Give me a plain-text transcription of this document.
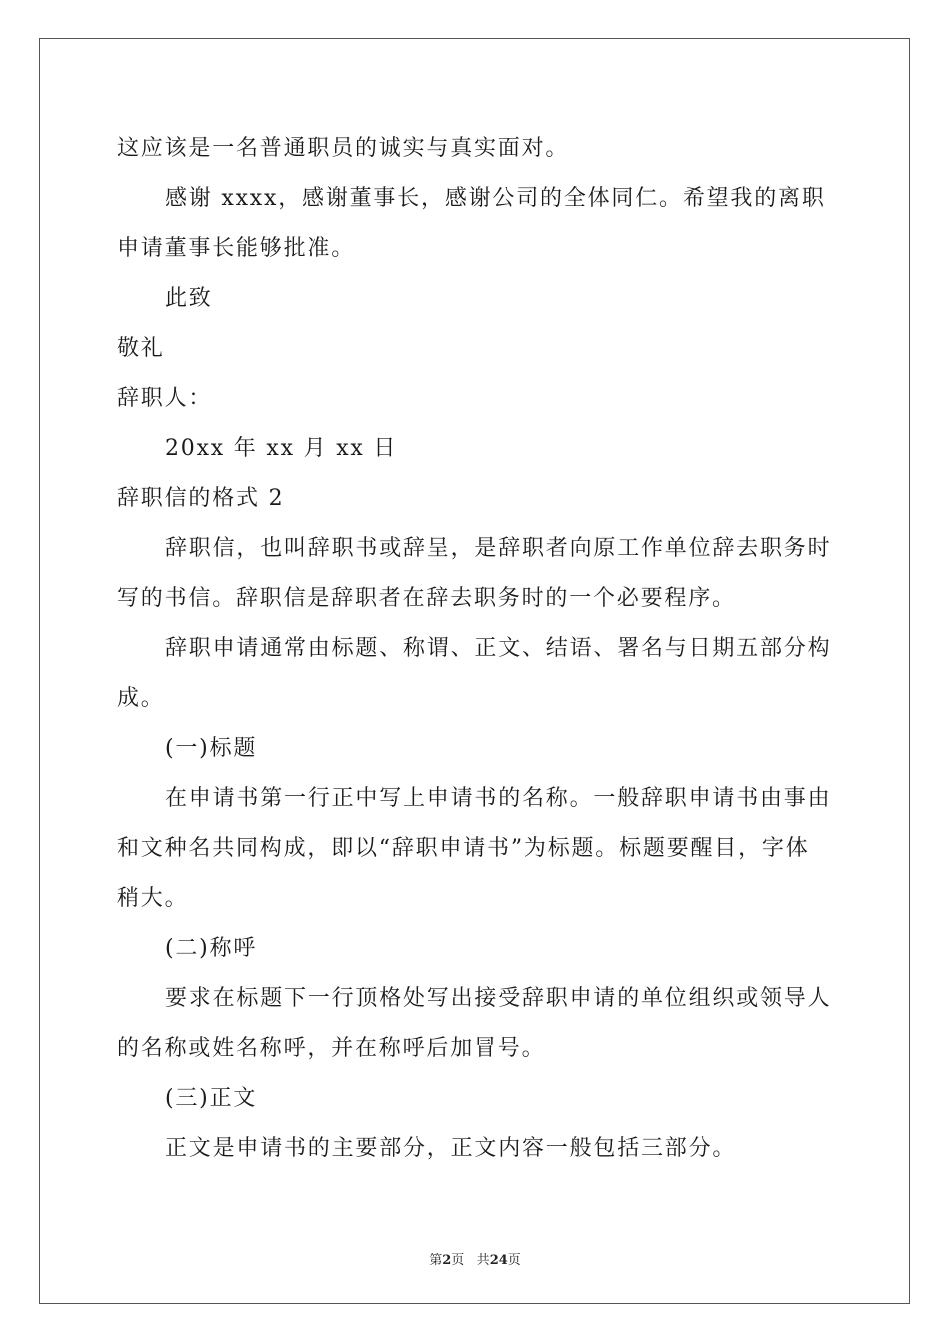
这应该是一名普通职员的诚实与真实面对。

感谢 xxxx，感谢董事长，感谢公司的全体同仁。希望我的离职

申请董事长能够批准。

此致

敬礼

辞职人：

20xx 年 xx 月 xx 日

辞职信的格式 2

辞职信，也叫辞职书或辞呈，是辞职者向原工作单位辞去职务时

写的书信。辞职信是辞职者在辞去职务时的一个必要程序。

辞职申请通常由标题、称谓、正文、结语、署名与日期五部分构

成。

(一)标题

在申请书第一行正中写上申请书的名称。一般辞职申请书由事由

和文种名共同构成，即以“辞职申请书”为标题。标题要醒目，字体

稍大。

(二)称呼

要求在标题下一行顶格处写出接受辞职申请的单位组织或领导人

的名称或姓名称呼，并在称呼后加冒号。

(三)正文

正文是申请书的主要部分，正文内容一般包括三部分。

第2页 共24页
